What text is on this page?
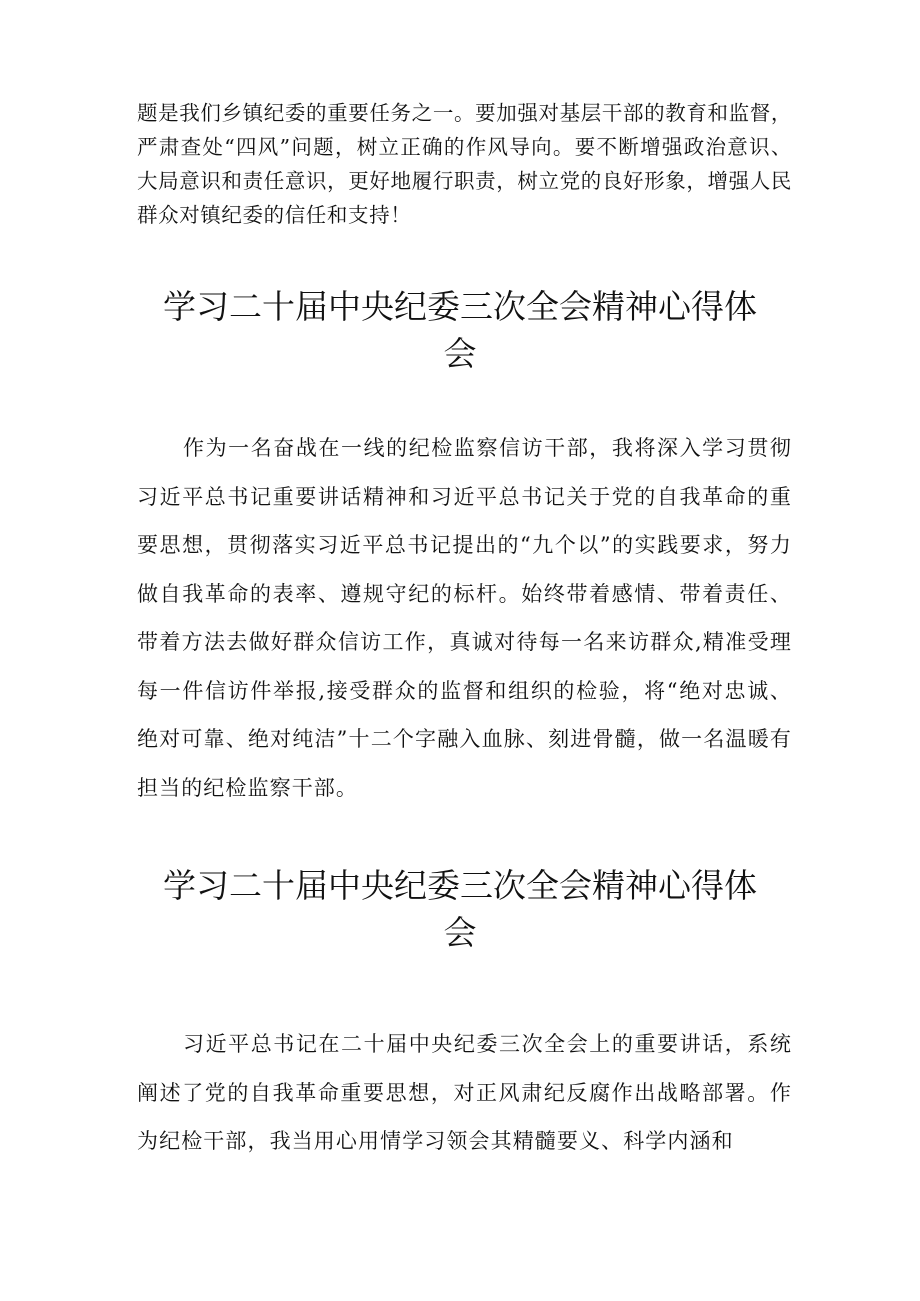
题是我们乡镇纪委的重要任务之一。要加强对基层干部的教育和监督，严肃查处“四风”问题，树立正确的作风导向。要不断增强政治意识、大局意识和责任意识，更好地履行职责，树立党的良好形象，增强人民群众对镇纪委的信任和支持！

学习二十届中央纪委三次全会精神心得体会

作为一名奋战在一线的纪检监察信访干部，我将深入学习贯彻习近平总书记重要讲话精神和习近平总书记关于党的自我革命的重要思想，贯彻落实习近平总书记提出的“九个以”的实践要求，努力做自我革命的表率、遵规守纪的标杆。始终带着感情、带着责任、带着方法去做好群众信访工作，真诚对待每一名来访群众,精准受理每一件信访件举报,接受群众的监督和组织的检验，将“绝对忠诚、绝对可靠、绝对纯洁”十二个字融入血脉、刻进骨髓，做一名温暖有担当的纪检监察干部。

学习二十届中央纪委三次全会精神心得体会

习近平总书记在二十届中央纪委三次全会上的重要讲话，系统阐述了党的自我革命重要思想，对正风肃纪反腐作出战略部署。作为纪检干部，我当用心用情学习领会其精髓要义、科学内涵和
